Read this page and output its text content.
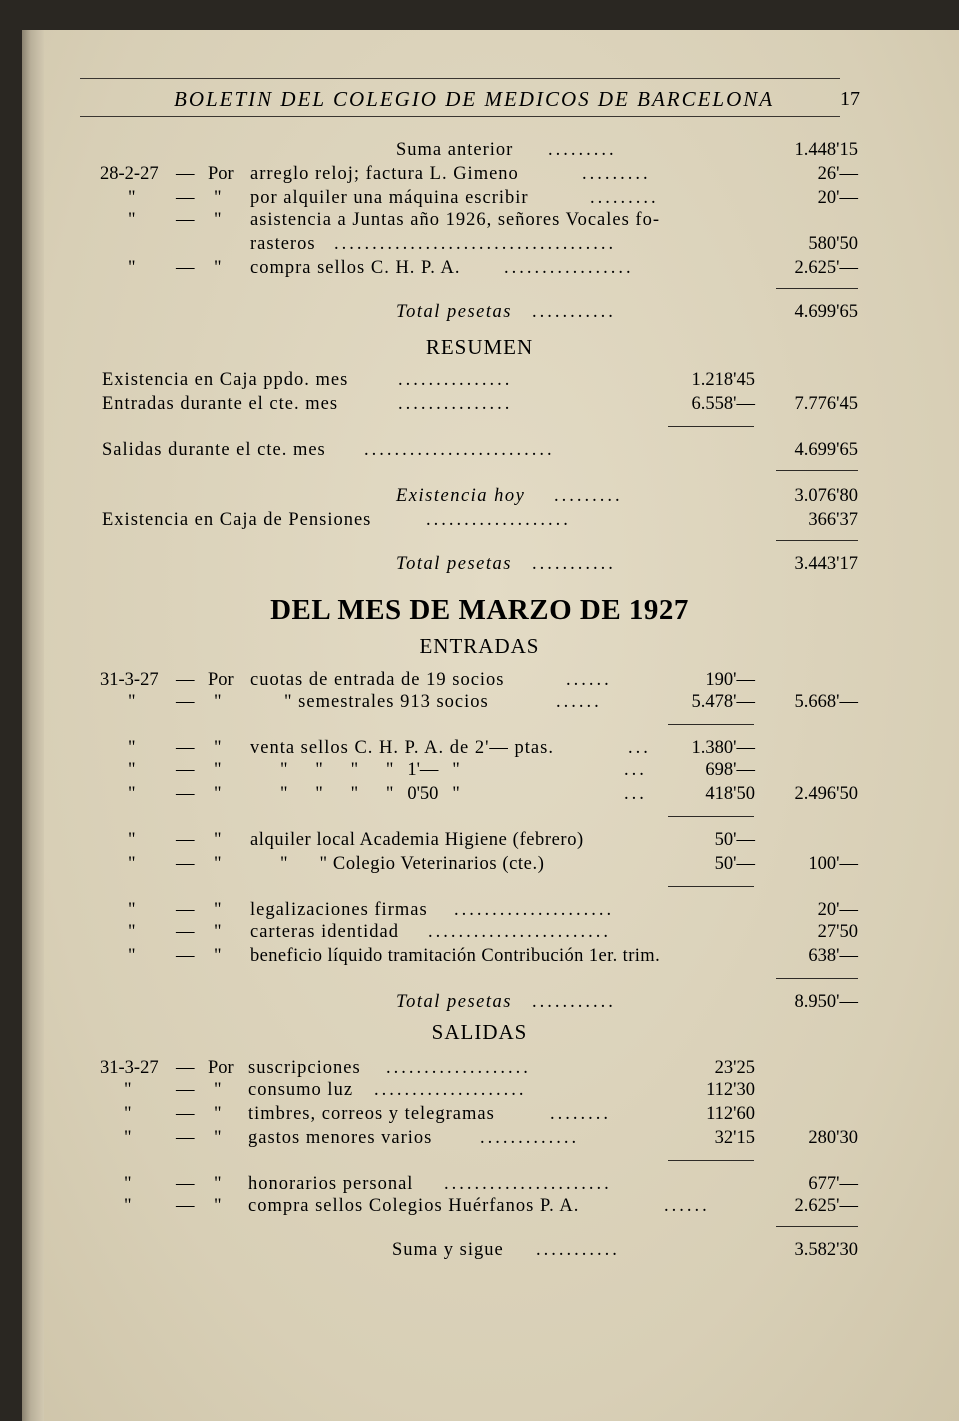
BOLETIN DEL COLEGIO DE MEDICOS DE BARCELONA	17
Suma anterior .........	1.448'15
28-2-27 — Por arreglo reloj; factura L. Gimeno	.........	26'—
" — " por alquiler una máquina escribir	.........	20'—
" — " asistencia a Juntas año 1926, señores Vocales fo-
rasteros .....................................	580'50
" — " compra sellos C. H. P. A. .................	2.625'—
Total pesetas ...........	4.699'65
RESUMEN
Existencia en Caja ppdo. mes	...............	1.218'45
Entradas durante el cte. mes	...............	6.558'—	7.776'45
Salidas durante el cte. mes .........................	4.699'65
Existencia hoy .........	3.076'80
Existencia en Caja de Pensiones	...................	366'37
Total pesetas ...........	3.443'17
DEL MES DE MARZO DE 1927
ENTRADAS
31-3-27 — Por cuotas de entrada de 19 socios	......	190'—
" — "	" semestrales 913 socios	......	5.478'—	5.668'—
" — " venta sellos C. H. P. A. de 2'— ptas.	...	1.380'—
" — "	"      "      "      "   1'—   "	...	698'—
" — "	"      "      "      "   0'50   "	...	418'50	2.496'50
" — " alquiler local Academia Higiene (febrero)	50'—
" — "	"      " Colegio Veterinarios (cte.)	50'—	100'—
" — " legalizaciones firmas .....................	20'—
" — " carteras identidad ........................	27'50
" — " beneficio líquido tramitación Contribución 1er. trim.	638'—
Total pesetas ...........	8.950'—
SALIDAS
31-3-27 — Por suscripciones ...................	23'25
" — " consumo luz ....................	112'30
" — " timbres, correos y telegramas	........	112'60
" — " gastos menores varios	.............	32'15	280'30
" — " honorarios personal ......................	677'—
" — " compra sellos Colegios Huérfanos P. A.	......	2.625'—
Suma y sigue ...........	3.582'30
